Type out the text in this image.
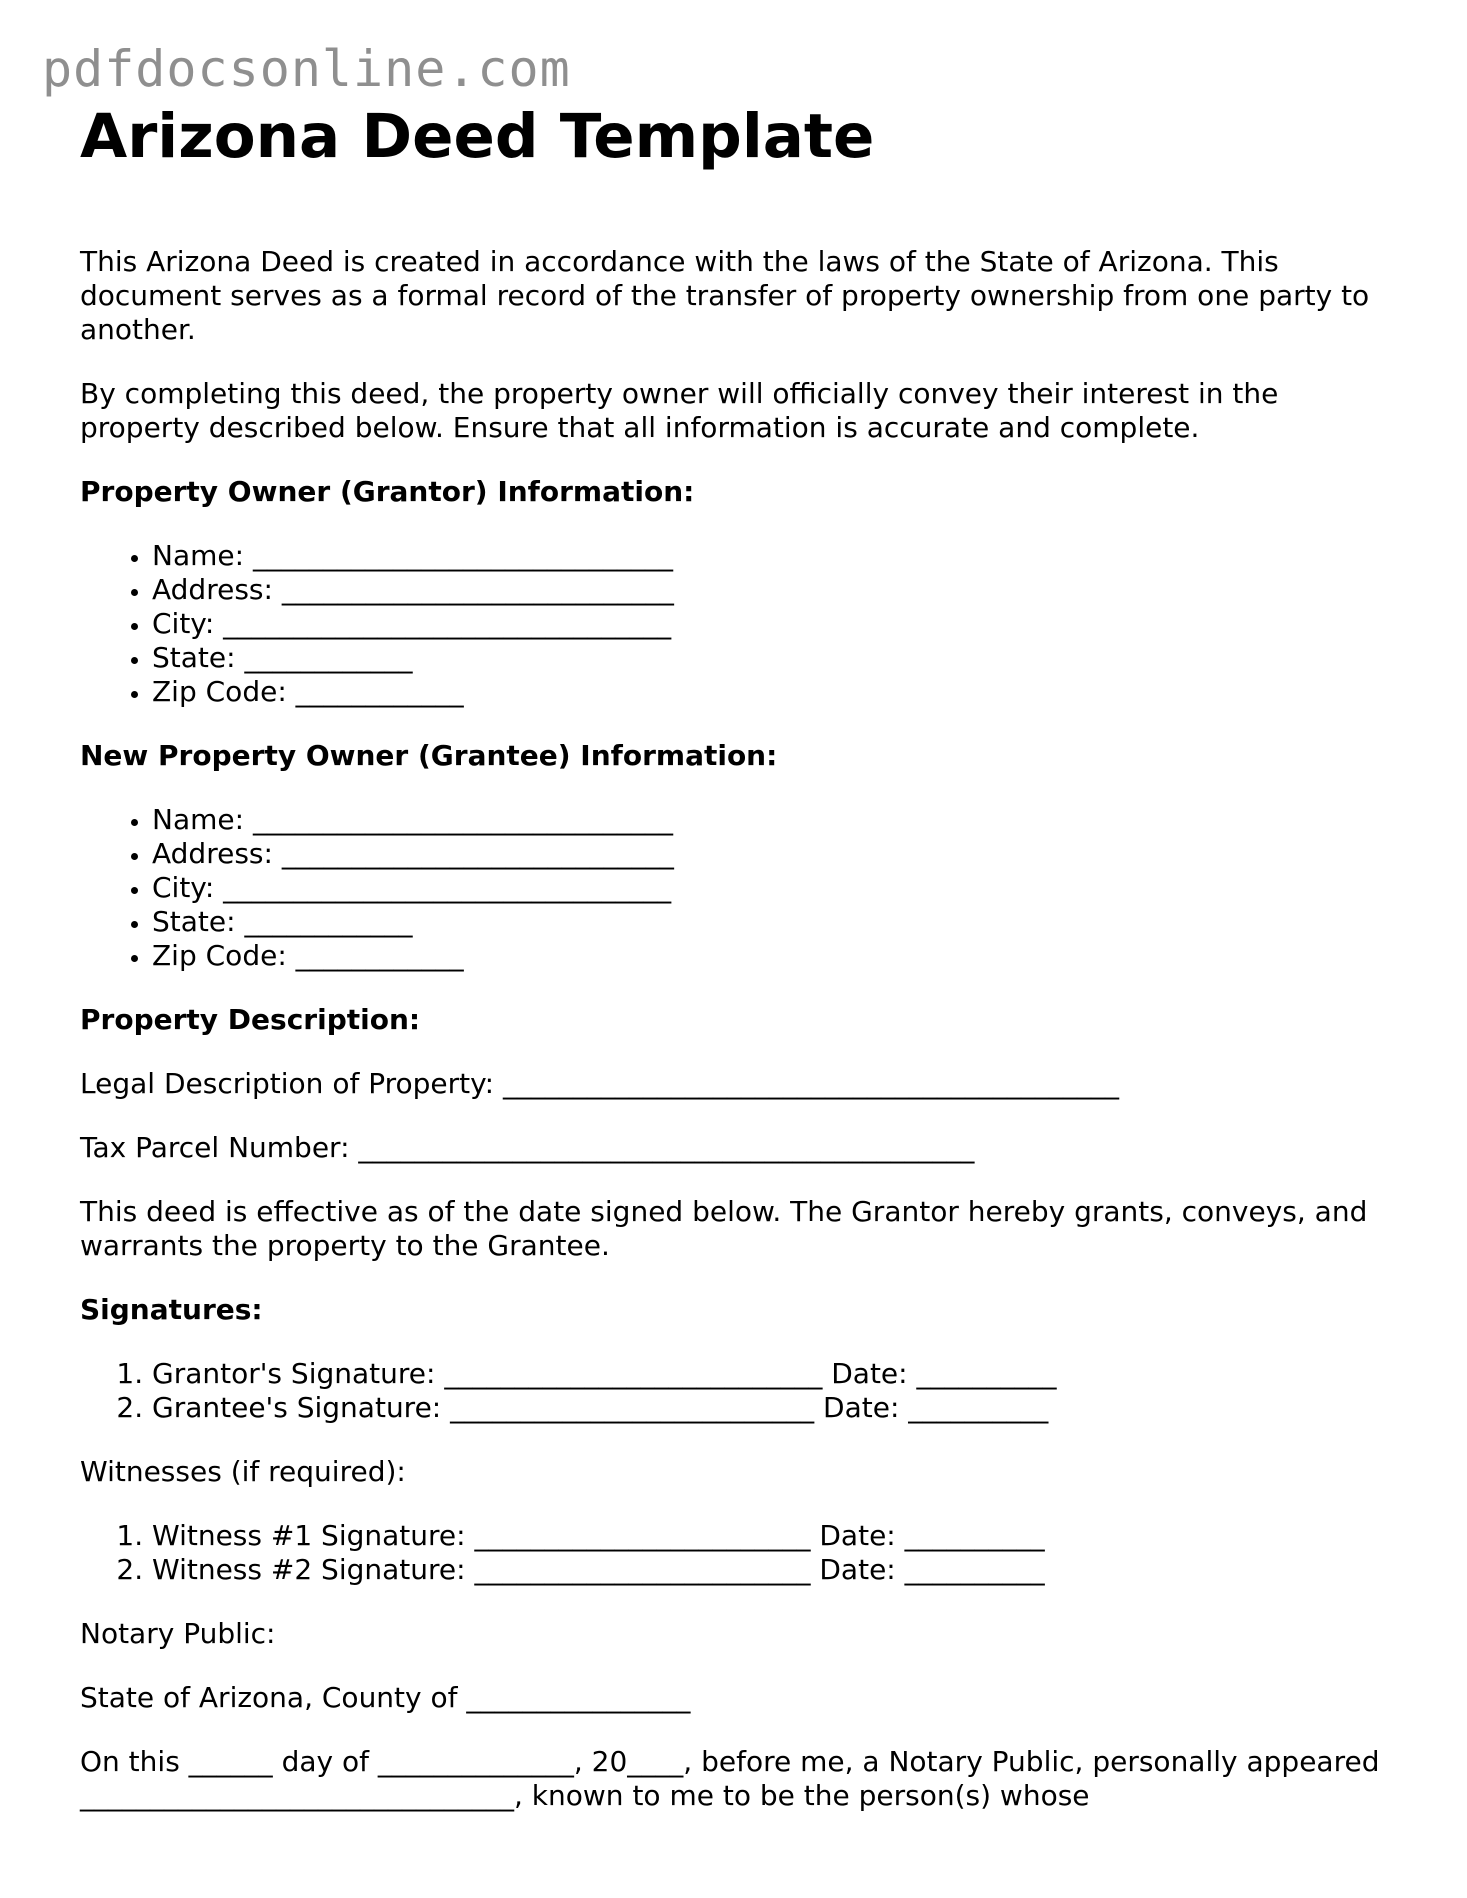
pdfdocsonline.com
Arizona Deed Template

This Arizona Deed is created in accordance with the laws of the State of Arizona. This document serves as a formal record of the transfer of property ownership from one party to another.

By completing this deed, the property owner will officially convey their interest in the property described below. Ensure that all information is accurate and complete.

Property Owner (Grantor) Information:

• Name: ______________________________
• Address: ____________________________
• City: ________________________________
• State: ____________
• Zip Code: ____________

New Property Owner (Grantee) Information:

• Name: ______________________________
• Address: ____________________________
• City: ________________________________
• State: ____________
• Zip Code: ____________

Property Description:

Legal Description of Property: ____________________________________________

Tax Parcel Number: ____________________________________________

This deed is effective as of the date signed below. The Grantor hereby grants, conveys, and warrants the property to the Grantee.

Signatures:

1. Grantor's Signature: ___________________________ Date: __________
2. Grantee's Signature: __________________________ Date: __________

Witnesses (if required):

1. Witness #1 Signature: ________________________ Date: __________
2. Witness #2 Signature: ________________________ Date: __________

Notary Public:

State of Arizona, County of ________________

On this ______ day of ______________, 20____, before me, a Notary Public, personally appeared _______________________________, known to me to be the person(s) whose
